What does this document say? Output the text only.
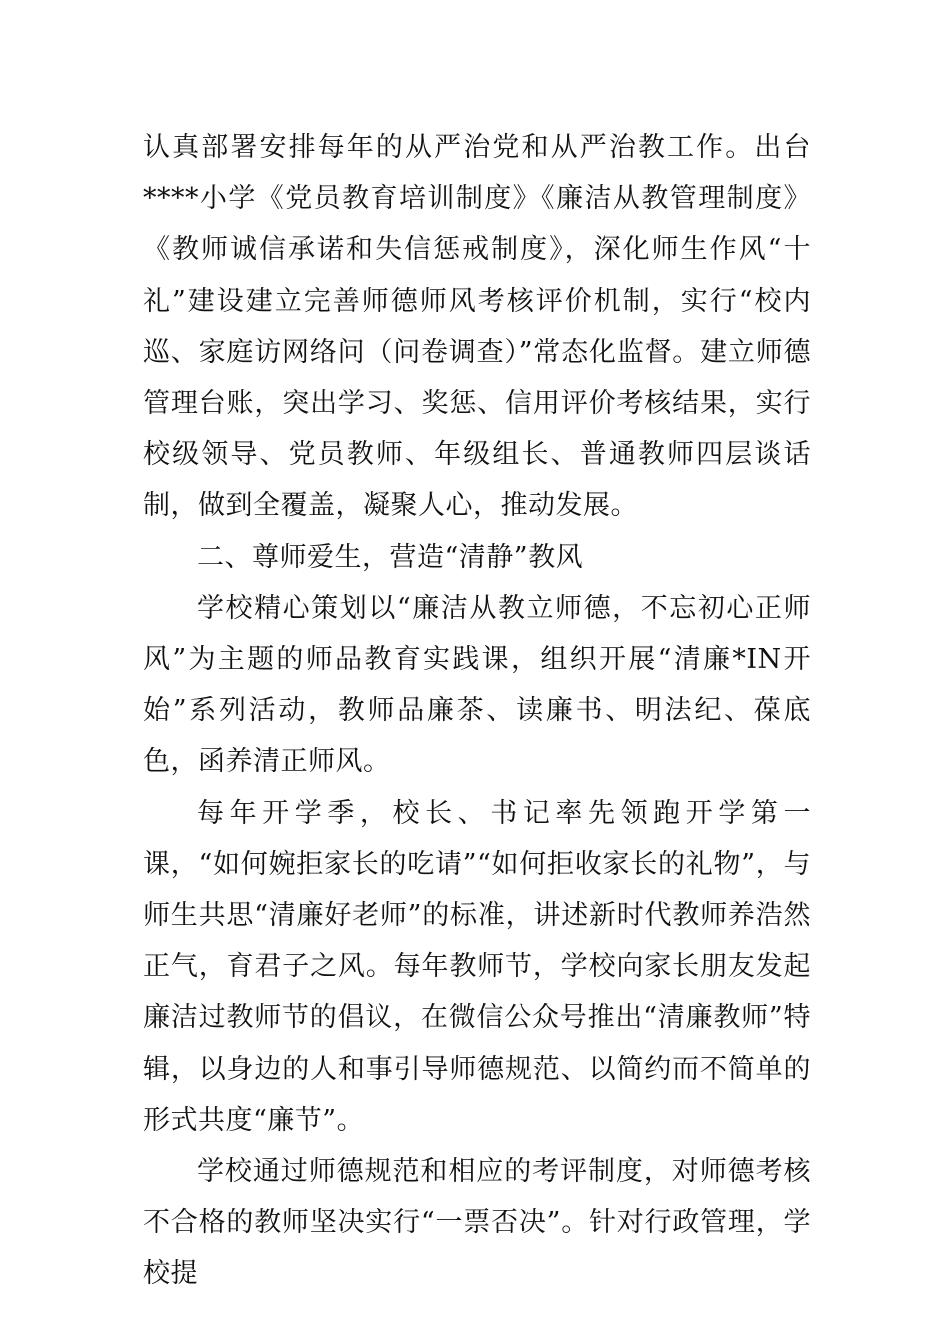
认真部署安排每年的从严治党和从严治教工作。出台****小学《党员教育培训制度》《廉洁从教管理制度》《教师诚信承诺和失信惩戒制度》，深化师生作风“十礼”建设建立完善师德师风考核评价机制，实行“校内巡、家庭访网络问（问卷调查）”常态化监督。建立师德管理台账，突出学习、奖惩、信用评价考核结果，实行校级领导、党员教师、年级组长、普通教师四层谈话制，做到全覆盖，凝聚人心，推动发展。

二、尊师爱生，营造“清静”教风

学校精心策划以“廉洁从教立师德，不忘初心正师风”为主题的师品教育实践课，组织开展“清廉*IN开始”系列活动，教师品廉茶、读廉书、明法纪、葆底色，函养清正师风。

每年开学季，校长、书记率先领跑开学第一课，“如何婉拒家长的吃请”“如何拒收家长的礼物”，与师生共思“清廉好老师”的标准，讲述新时代教师养浩然正气，育君子之风。每年教师节，学校向家长朋友发起廉洁过教师节的倡议，在微信公众号推出“清廉教师”特辑，以身边的人和事引导师德规范、以简约而不简单的形式共度“廉节”。

学校通过师德规范和相应的考评制度，对师德考核不合格的教师坚决实行“一票否决”。针对行政管理，学校提
